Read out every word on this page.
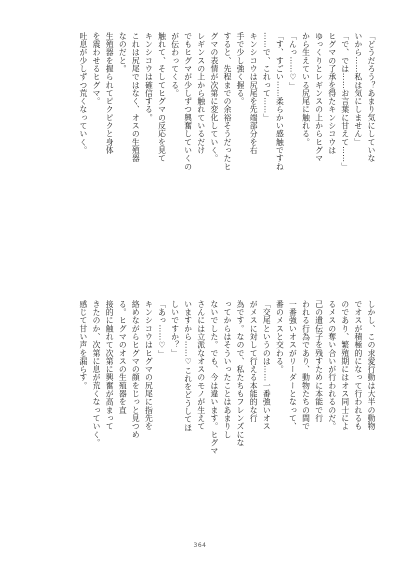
「どうだろう？あまり気にしていな
いから……私は気にしません」
「で、では……お言葉に甘えて……」
ヒグマの了承を得たキンシコウは
ゆっくりとレギンスの上からヒグマ
から生えている尻尾に触れる。
「んっ……♡」
「す、すごい……柔らかい感触ですね
……で、これって……」
キンシコウは尻尾を先端部分を右
手で少し強く握る。
すると、先程までの余裕そうだったヒ
グマの表情が次第に変化していく。
レギンスの上から触れているだけ
でもヒグマが少しずつ興奮していくの
が伝わってくる。
触れて、そしてヒグマの反応を見て
キンシコウは確信する。
これは尻尾ではなく、オスの生殖器
なのだと。
生殖器を握られてピクピクと身体
を震わせるヒグマ。
吐息が少しずつ荒くなっていく。
しかし、この求愛行動は大半の動物
でオスが積極的になって行われるも
のであり、繁殖期にはオス同士によ
るメスの奪い合いが行われるのだ。
己の遺伝子を残すために本能で行
われる行為であり、動物たちの間で
一番強いオスがリーダーとなって、
番のメスと交わる。
「交尾というのは……一番強いオス
がメスに対して行える本能的な行
為です。なので、私たちもフレンズにな
ってからはそういったことはあまりし
ないでした。でも、今は違います。ヒグマ
さんには立派なオスのモノが生えて
いますから……♡これをどうしてほ
しいですか？」
「あっ……♡」
キンシコウはヒグマの尻尾に指先を
絡めながらヒグマの顔をじっと見つめ
る。ヒグマのオスの生殖器を直
接的に触れて次第に興奮が高まって
きたのか、次第に息が荒くなっていく。
感じて甘い声を漏らす。
364
